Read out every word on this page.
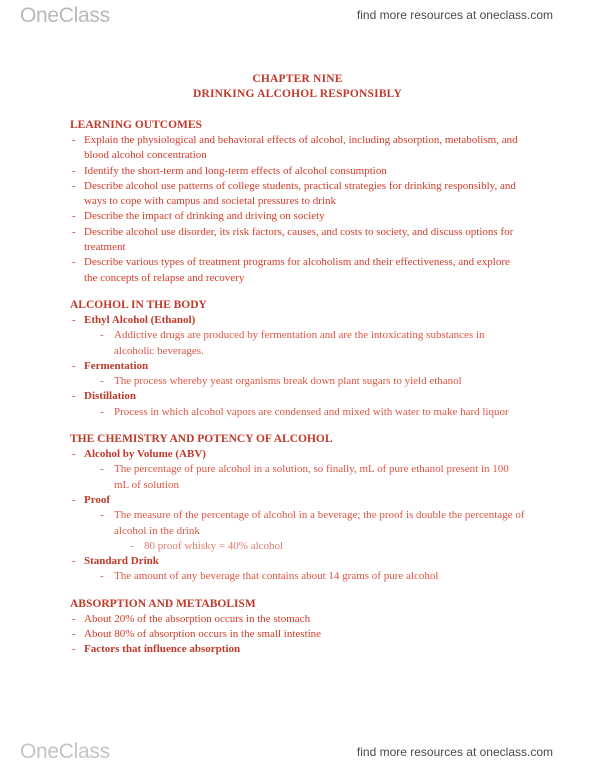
OneClass	find more resources at oneclass.com
CHAPTER NINE
DRINKING ALCOHOL RESPONSIBLY

LEARNING OUTCOMES

- Explain the physiological and behavioral effects of alcohol, including absorption, metabolism, and blood alcohol concentration
- Identify the short-term and long-term effects of alcohol consumption
- Describe alcohol use patterns of college students, practical strategies for drinking responsibly, and ways to cope with campus and societal pressures to drink
- Describe the impact of drinking and driving on society
- Describe alcohol use disorder, its risk factors, causes, and costs to society, and discuss options for treatment
- Describe various types of treatment programs for alcoholism and their effectiveness, and explore the concepts of relapse and recovery

ALCOHOL IN THE BODY

- Ethyl Alcohol (Ethanol)
- Addictive drugs are produced by fermentation and are the intoxicating substances in alcoholic beverages.
- Fermentation
- The process whereby yeast organisms break down plant sugars to yield ethanol
- Distillation
- Process in which alcohol vapors are condensed and mixed with water to make hard liquor

THE CHEMISTRY AND POTENCY OF ALCOHOL

- Alcohol by Volume (ABV)
- The percentage of pure alcohol in a solution, so finally, mL of pure ethanol present in 100 mL of solution
- Proof
- The measure of the percentage of alcohol in a beverage; the proof is double the percentage of alcohol in the drink
- 80 proof whisky = 40% alcohol
- Standard Drink
- The amount of any beverage that contains about 14 grams of pure alcohol

ABSORPTION AND METABOLISM

- About 20% of the absorption occurs in the stomach
- About 80% of absorption occurs in the small intestine
- Factors that influence absorption
OneClass	find more resources at oneclass.com
